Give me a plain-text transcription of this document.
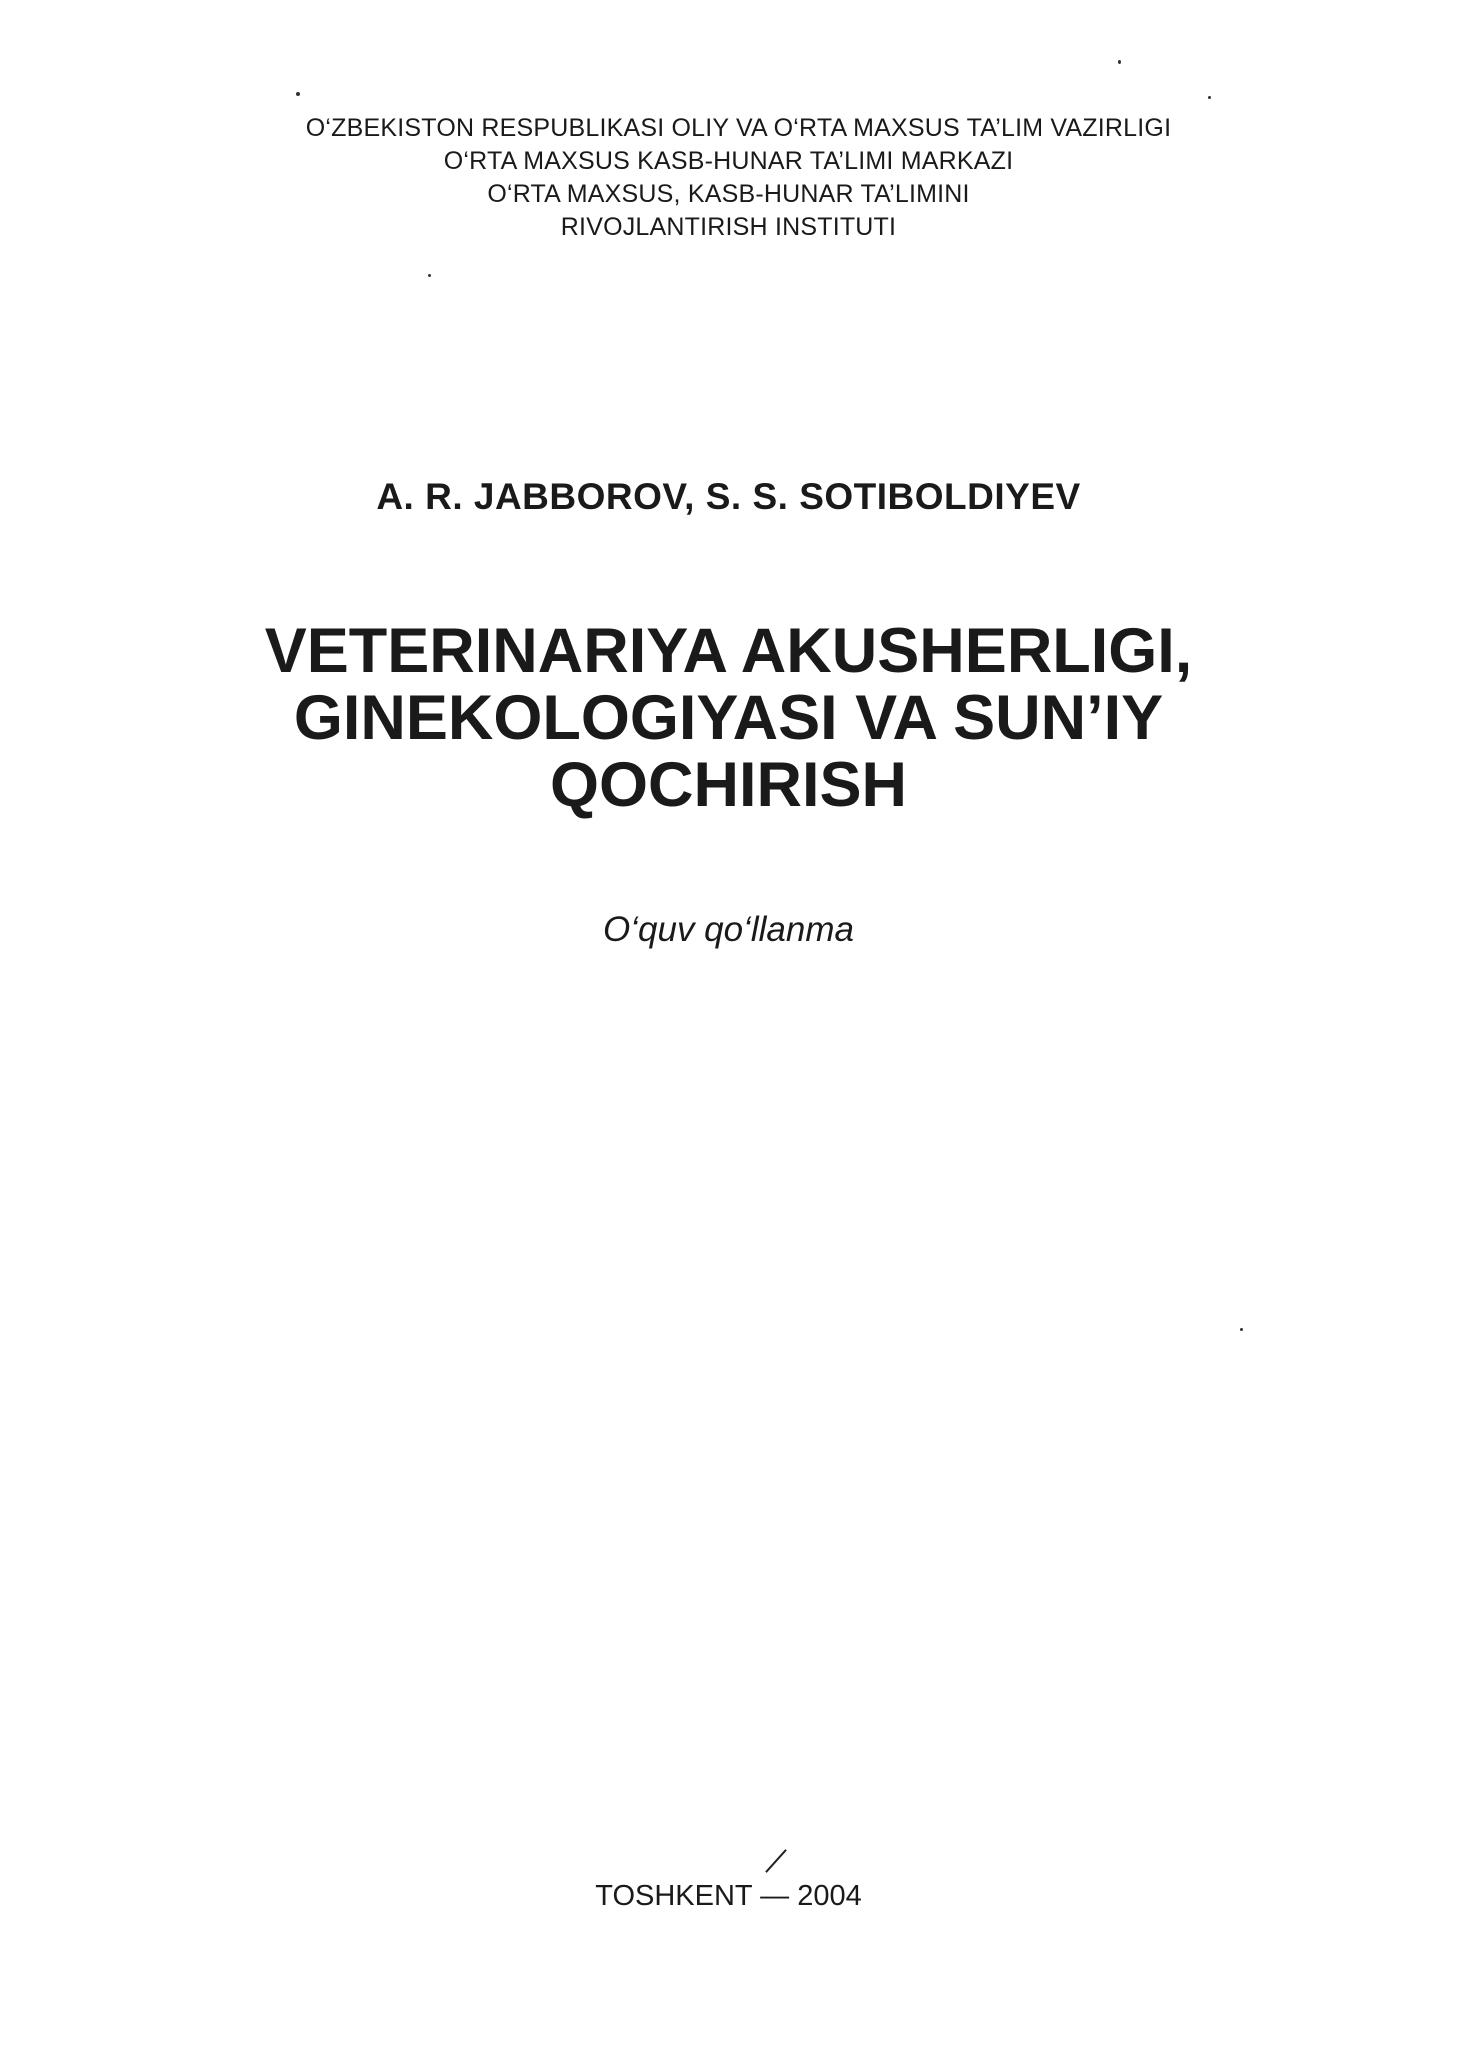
O‘ZBEKISTON RESPUBLIKASI OLIY VA O‘RTA MAXSUS TA’LIM VAZIRLIGI
O‘RTA MAXSUS KASB-HUNAR TA’LIMI MARKAZI
O‘RTA MAXSUS, KASB-HUNAR TA’LIMINI
RIVOJLANTIRISH INSTITUTI
A. R. JABBOROV, S. S. SOTIBOLDIYEV
VETERINARIYA AKUSHERLIGI,
GINEKOLOGIYASI VA SUN’IY
QOCHIRISH
O‘quv qo‘llanma
TOSHKENT — 2004
